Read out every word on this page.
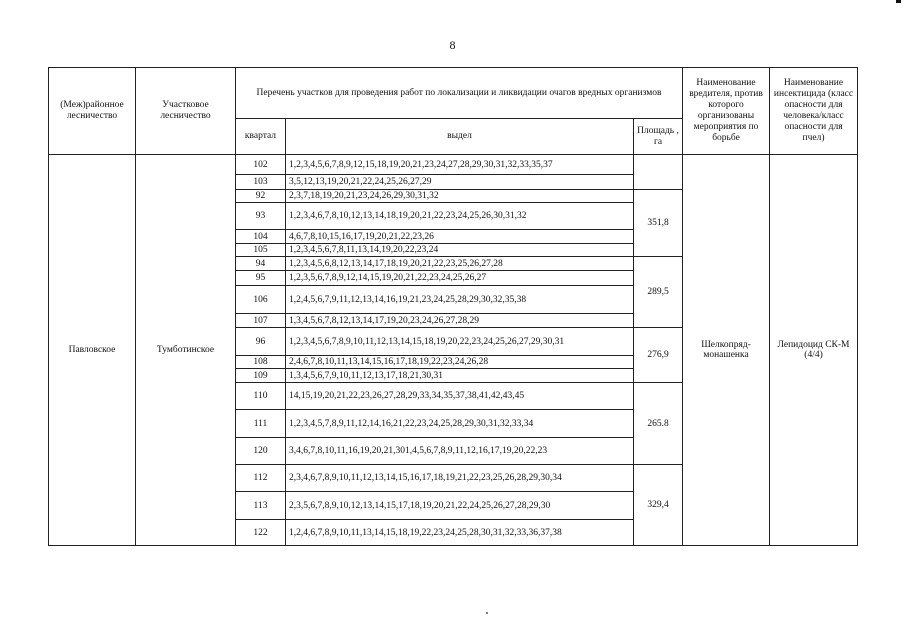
8
(Меж)районное лесничество	Участковое лесничество	Перечень участков для проведения работ по локализации и ликвидации очагов вредных организмов			Наименование вредителя, против которого организованы мероприятия по борьбе	Наименование инсектицида (класс опасности для человека/класс опасности для пчел)
		квартал	выдел	Площадь , га		
Павловское	Тумботинское	102	1,2,3,4,5,6,7,8,9,12,15,18,19,20,21,23,24,27,28,29,30,31,32,33,35,37		Шелкопряд-монашенка	Лепидоцид СК-М (4/4)
		103	3,5,12,13,19,20,21,22,24,25,26,27,29			
		92	2,3,7,18,19,20,21,23,24,26,29,30,31,32	351,8		
		93	1,2,3,4,6,7,8,10,12,13,14,18,19,20,21,22,23,24,25,26,30,31,32			
		104	4,6,7,8,10,15,16,17,19,20,21,22,23,26			
		105	1,2,3,4,5,6,7,8,11,13,14,19,20,22,23,24			
		94	1,2,3,4,5,6,8,12,13,14,17,18,19,20,21,22,23,25,26,27,28	289,5		
		95	1,2,3,5,6,7,8,9,12,14,15,19,20,21,22,23,24,25,26,27			
		106	1,2,4,5,6,7,9,11,12,13,14,16,19,21,23,24,25,28,29,30,32,35,38			
		107	1,3,4,5,6,7,8,12,13,14,17,19,20,23,24,26,27,28,29			
		96	1,2,3,4,5,6,7,8,9,10,11,12,13,14,15,18,19,20,22,23,24,25,26,27,29,30,31	276,9		
		108	2,4,6,7,8,10,11,13,14,15,16,17,18,19,22,23,24,26,28			
		109	1,3,4,5,6,7,9,10,11,12,13,17,18,21,30,31			
		110	14,15,19,20,21,22,23,26,27,28,29,33,34,35,37,38,41,42,43,45	265.8		
		111	1,2,3,4,5,7,8,9,11,12,14,16,21,22,23,24,25,28,29,30,31,32,33,34			
		120	3,4,6,7,8,10,11,16,19,20,21,301,4,5,6,7,8,9,11,12,16,17,19,20,22,23			
		112	2,3,4,6,7,8,9,10,11,12,13,14,15,16,17,18,19,21,22,23,25,26,28,29,30,34	329,4		
		113	2,3,5,6,7,8,9,10,12,13,14,15,17,18,19,20,21,22,24,25,26,27,28,29,30			
		122	1,2,4,6,7,8,9,10,11,13,14,15,18,19,22,23,24,25,28,30,31,32,33,36,37,38			
